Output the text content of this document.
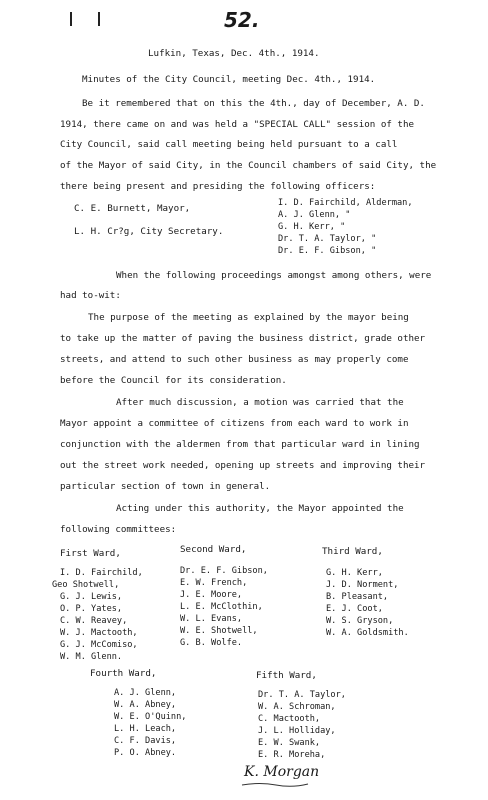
52.
Lufkin, Texas, Dec. 4th., 1914.
Minutes of the City Council, meeting Dec. 4th., 1914.
Be it remembered that on this the 4th., day of December, A. D.
1914, there came on and was held a "SPECIAL CALL" session of the
City Council, said call meeting being held pursuant to a call
of the Mayor of said City, in the Council chambers of said City, the
there being present and presiding the following officers:
C. E. Burnett, Mayor,
L. H. Cr?g, City Secretary.
I. D. Fairchild, Alderman,
A. J. Glenn, "
G. H. Kerr, "
Dr. T. A. Taylor, "
Dr. E. F. Gibson, "
When the following proceedings amongst among others, were
had to-wit:
The purpose of the meeting as explained by the mayor being
to take up the matter of paving the business district, grade other
streets, and attend to such other business as may properly come
before the Council for its consideration.
After much discussion, a motion was carried that the
Mayor appoint a committee of citizens from each ward to work in
conjunction with the aldermen from that particular ward in lining
out the street work needed, opening up streets and improving their
particular section of town in general.
Acting under this authority, the Mayor appointed the
following committees:
First Ward,	Second Ward,	Third Ward,
I. D. Fairchild,
Geo Shotwell,
G. J. Lewis,
O. P. Yates,
C. W. Reavey,
W. J. Mactooth,
G. J. McComiso,
W. M. Glenn.
Dr. E. F. Gibson,
E. W. French,
J. E. Moore,
L. E. McClothin,
W. L. Evans,
W. E. Shotwell,
G. B. Wolfe.
G. H. Kerr,
J. D. Norment,
B. Pleasant,
E. J. Coot,
W. S. Gryson,
W. A. Goldsmith.
Fourth Ward,
A. J. Glenn,
W. A. Abney,
W. E. O'Quinn,
L. H. Leach,
C. F. Davis,
P. O. Abney.
Fifth Ward,
Dr. T. A. Taylor,
W. A. Schroman,
C. Mactooth,
J. L. Holliday,
E. W. Swank,
E. R. Moreha,
K. Morgan
